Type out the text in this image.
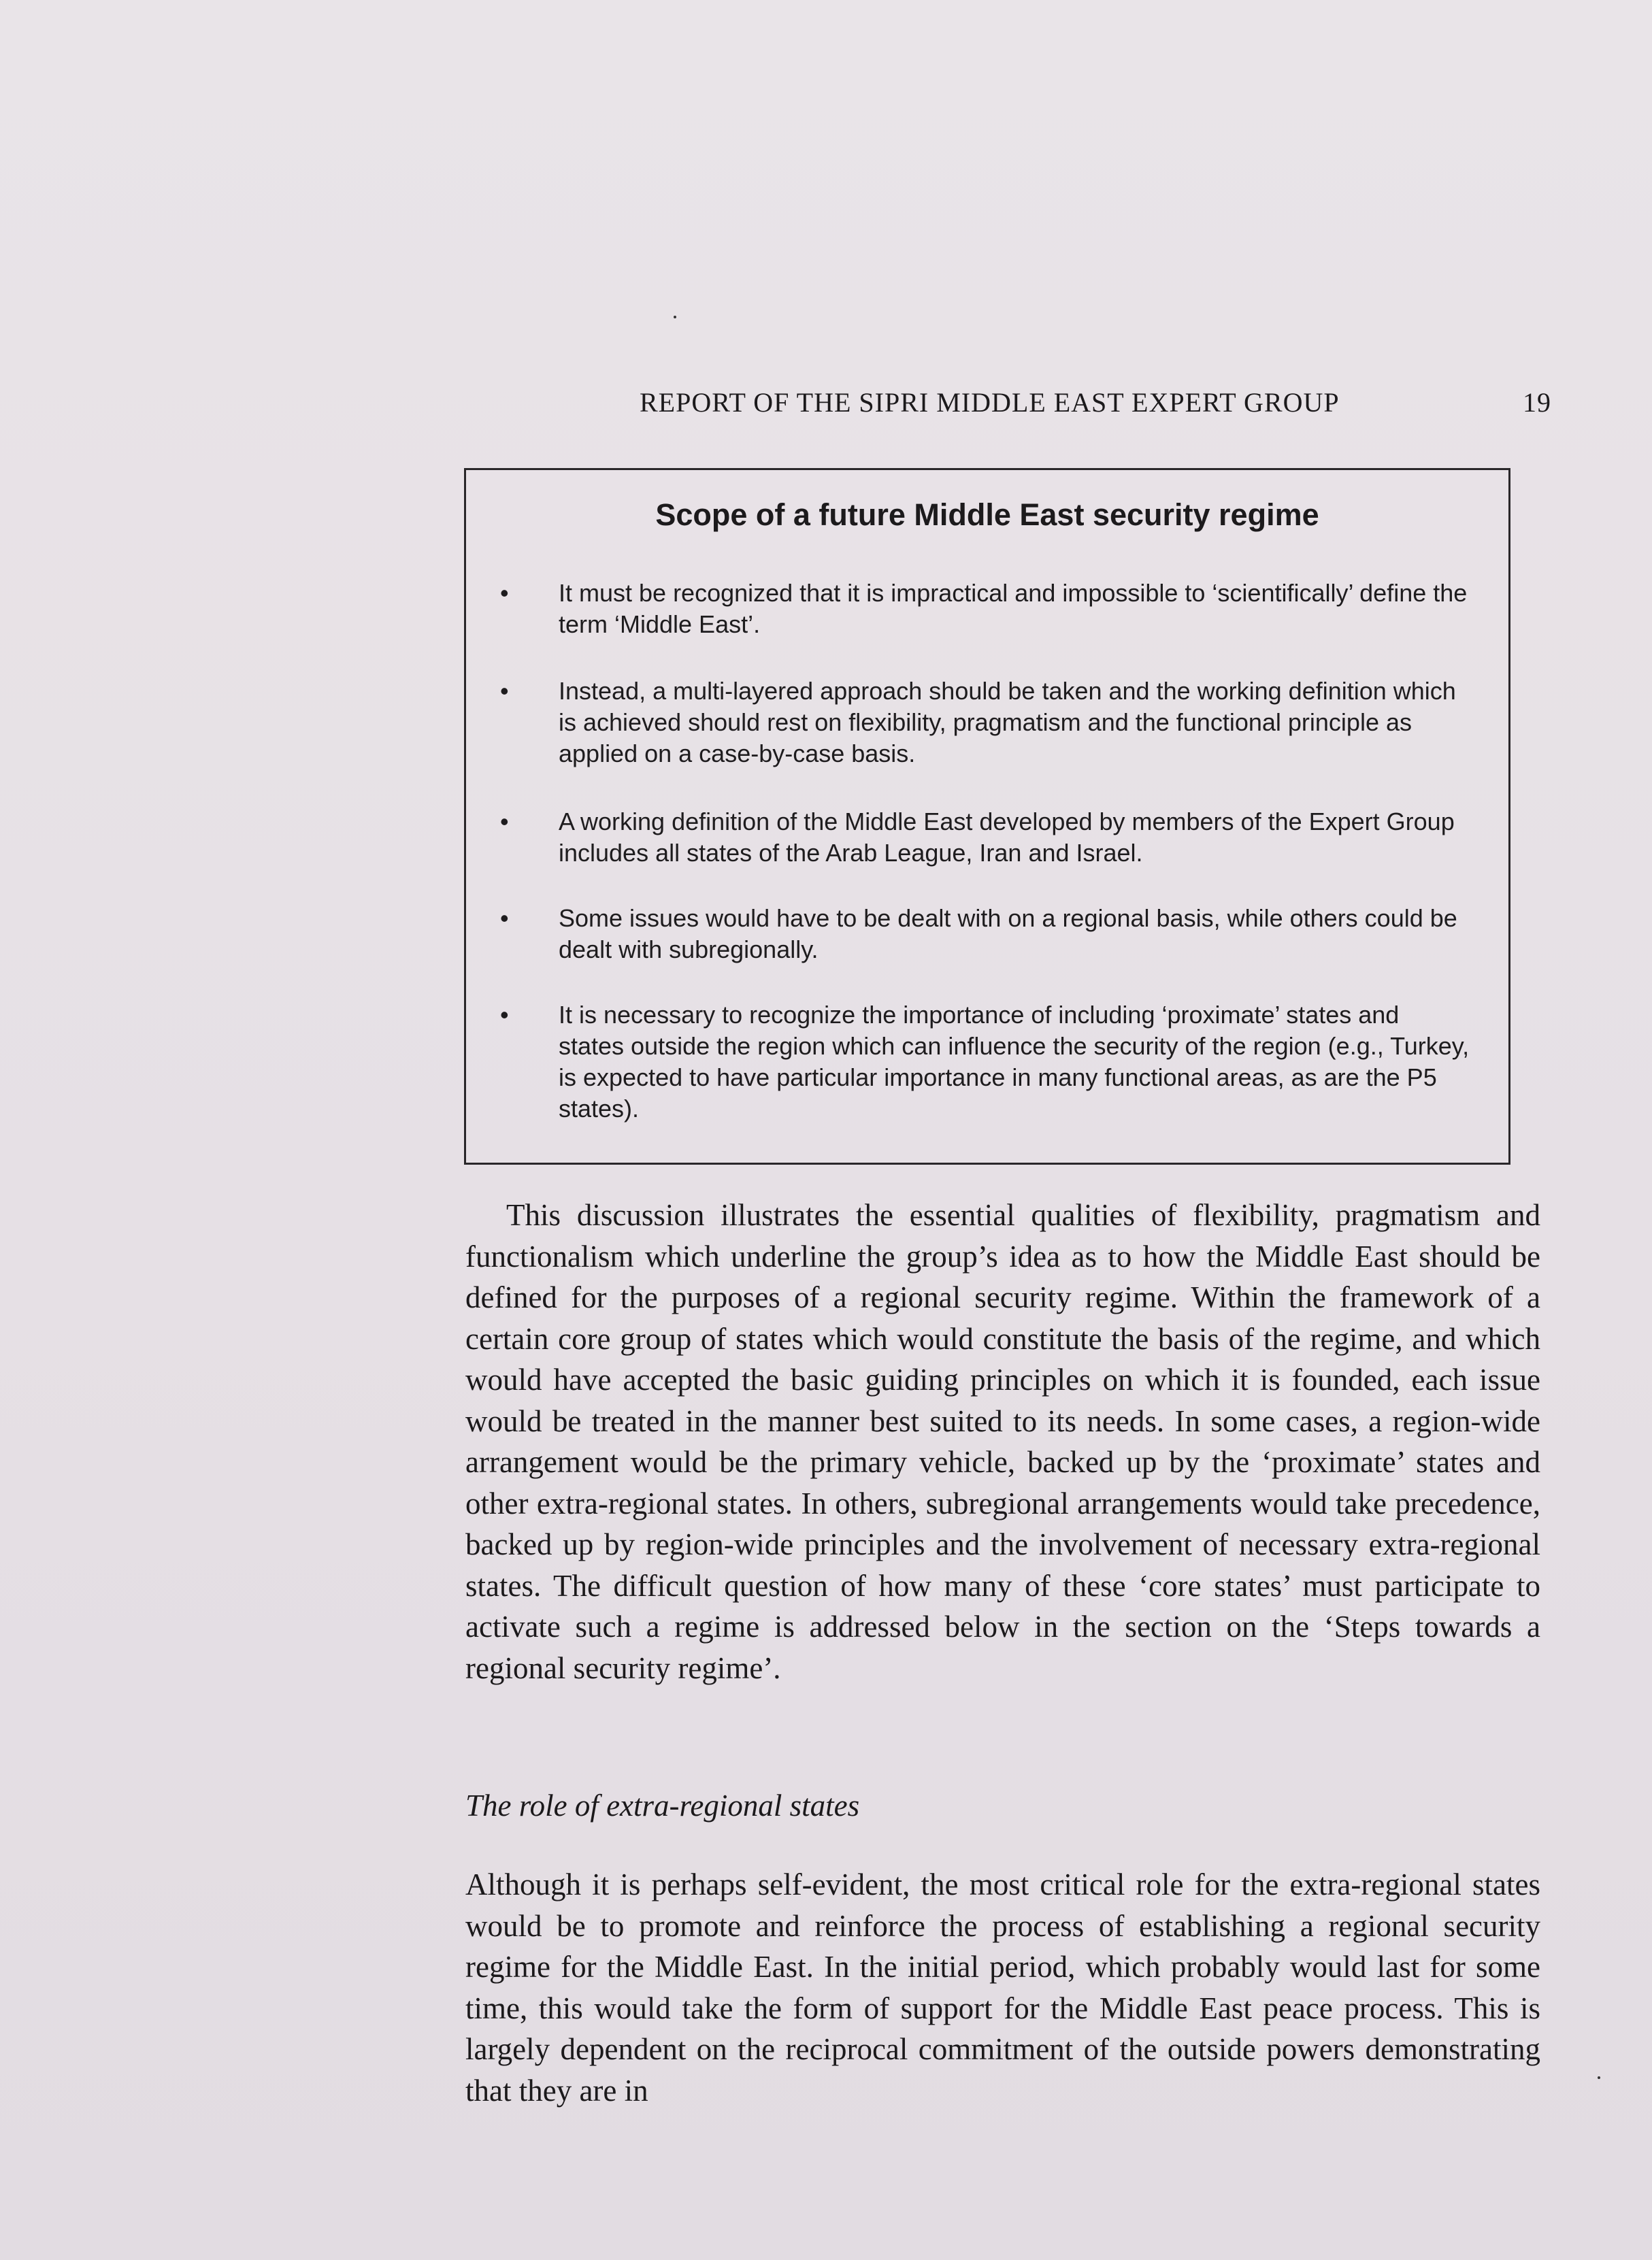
REPORT OF THE SIPRI MIDDLE EAST EXPERT GROUP	19
Scope of a future Middle East security regime
• It must be recognized that it is impractical and impossible to ‘scientifically’ define the term ‘Middle East’.
• Instead, a multi-layered approach should be taken and the working definition which is achieved should rest on flexibility, pragmatism and the functional principle as applied on a case-by-case basis.
• A working definition of the Middle East developed by members of the Expert Group includes all states of the Arab League, Iran and Israel.
• Some issues would have to be dealt with on a regional basis, while others could be dealt with subregionally.
• It is necessary to recognize the importance of including ‘proximate’ states and states outside the region which can influence the security of the region (e.g., Turkey, is expected to have particular importance in many functional areas, as are the P5 states).

This discussion illustrates the essential qualities of flexibility, pragmatism and functionalism which underline the group’s idea as to how the Middle East should be defined for the purposes of a regional security regime. Within the framework of a certain core group of states which would constitute the basis of the regime, and which would have accepted the basic guiding principles on which it is founded, each issue would be treated in the manner best suited to its needs. In some cases, a region-wide arrangement would be the primary vehicle, backed up by the ‘proximate’ states and other extra-regional states. In others, subregional arrangements would take precedence, backed up by region-wide principles and the involvement of necessary extra-regional states. The difficult question of how many of these ‘core states’ must participate to activate such a regime is addressed below in the section on the ‘Steps towards a regional security regime’.

The role of extra-regional states

Although it is perhaps self-evident, the most critical role for the extra-regional states would be to promote and reinforce the process of establishing a regional security regime for the Middle East. In the initial period, which probably would last for some time, this would take the form of support for the Middle East peace process. This is largely dependent on the reciprocal commitment of the outside powers demonstrating that they are in
